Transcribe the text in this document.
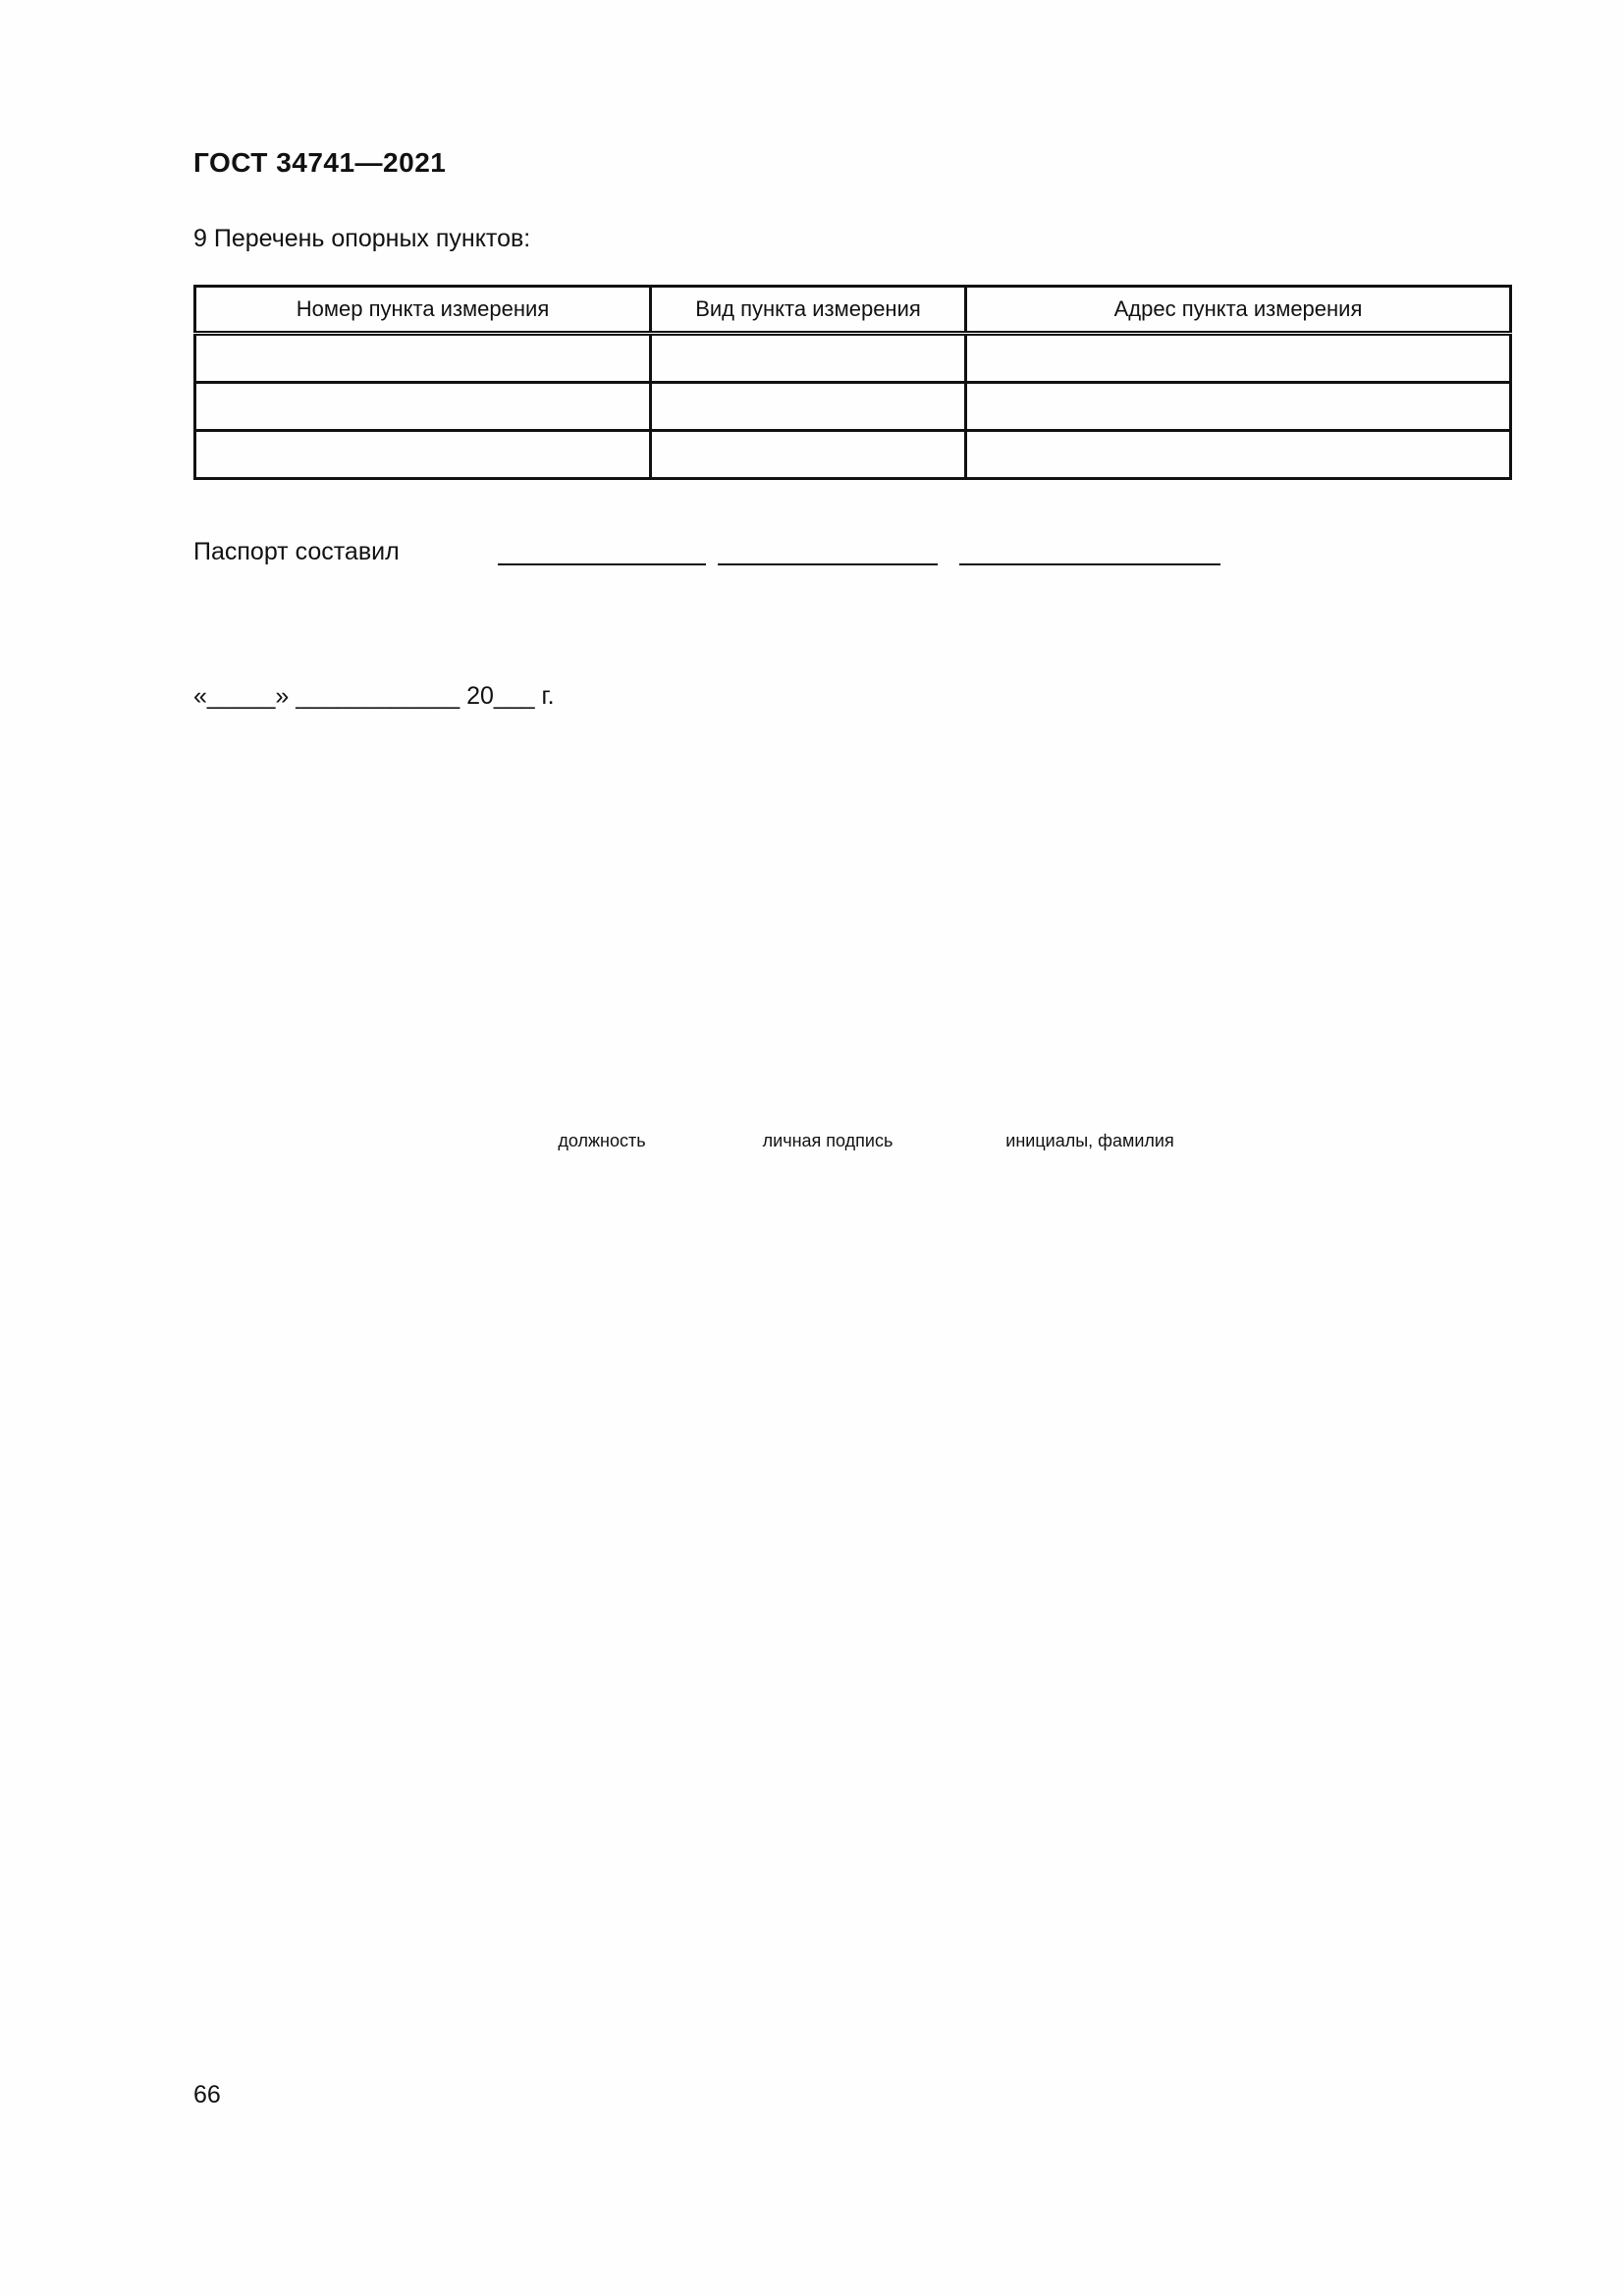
ГОСТ 34741—2021
9 Перечень опорных пунктов:
Номер пункта измерения	Вид пункта измерения	Адрес пункта измерения

Паспорт составил
должность	личная подпись	инициалы, фамилия
«_____» ____________ 20___ г.
66
